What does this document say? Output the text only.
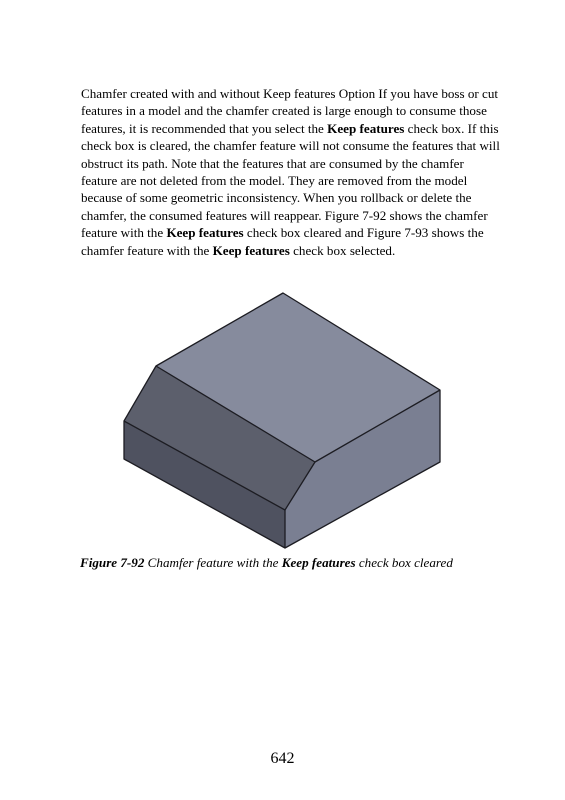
Chamfer created with and without Keep features Option If you have boss or cut features in a model and the chamfer created is large enough to consume those features, it is recommended that you select the Keep features check box. If this check box is cleared, the chamfer feature will not consume the features that will obstruct its path. Note that the features that are consumed by the chamfer feature are not deleted from the model. They are removed from the model because of some geometric inconsistency. When you rollback or delete the chamfer, the consumed features will reappear. Figure 7-92 shows the chamfer feature with the Keep features check box cleared and Figure 7-93 shows the chamfer feature with the Keep features check box selected.

Figure 7-92 Chamfer feature with the Keep features check box cleared

642
